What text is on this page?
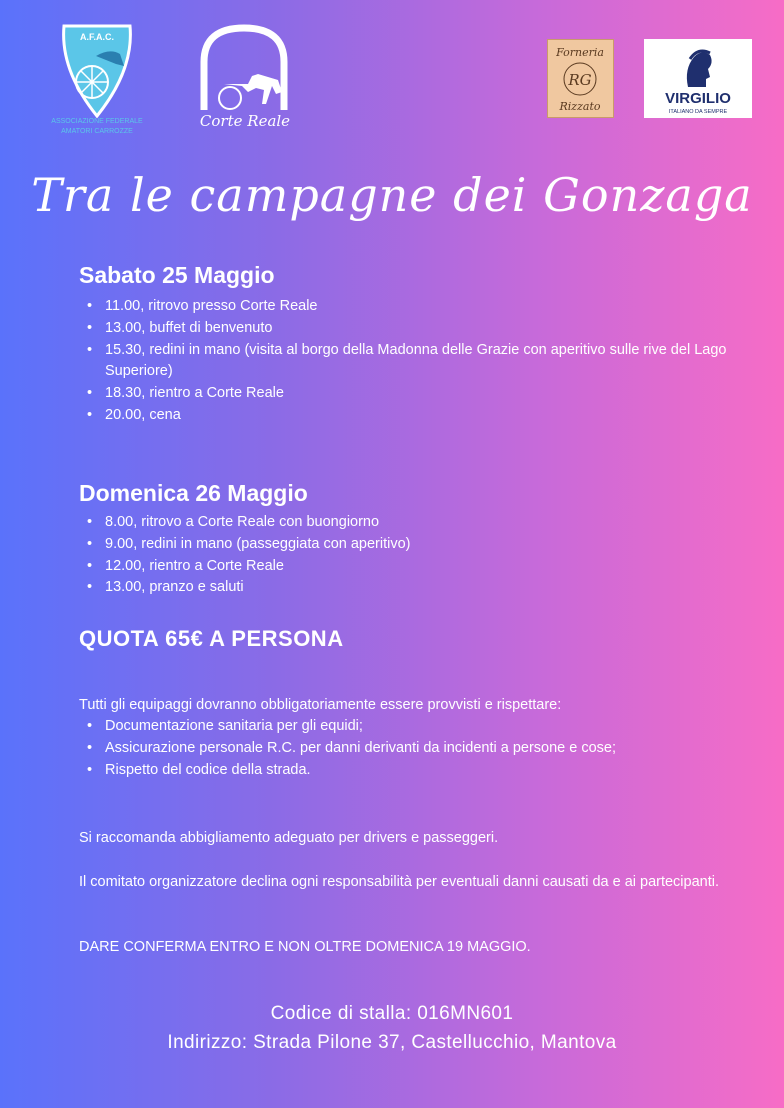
A.F.A.C.
ASSOCIAZIONE FEDERALE
AMATORI CARROZZE
Corte Reale
Forneria
RG
Rizzato	VIRGILIO
ITALIANO DA SEMPRE
Tra le campagne dei Gonzaga
Sabato 25 Maggio
• 11.00, ritrovo presso Corte Reale
• 13.00, buffet di benvenuto
• 15.30, redini in mano (visita al borgo della Madonna delle Grazie con aperitivo sulle rive del Lago Superiore)
• 18.30, rientro a Corte Reale
• 20.00, cena
Domenica 26 Maggio
• 8.00, ritrovo a Corte Reale con buongiorno
• 9.00, redini in mano (passeggiata con aperitivo)
• 12.00, rientro a Corte Reale
• 13.00, pranzo e saluti
QUOTA 65€ A PERSONA
Tutti gli equipaggi dovranno obbligatoriamente essere provvisti e rispettare:
• Documentazione sanitaria per gli equidi;
• Assicurazione personale R.C. per danni derivanti da incidenti a persone e cose;
• Rispetto del codice della strada.
Si raccomanda abbigliamento adeguato per drivers e passeggeri.
Il comitato organizzatore declina ogni responsabilità per eventuali danni causati da e ai partecipanti.
DARE CONFERMA ENTRO E NON OLTRE DOMENICA 19 MAGGIO.
Codice di stalla: 016MN601
Indirizzo: Strada Pilone 37, Castellucchio, Mantova
